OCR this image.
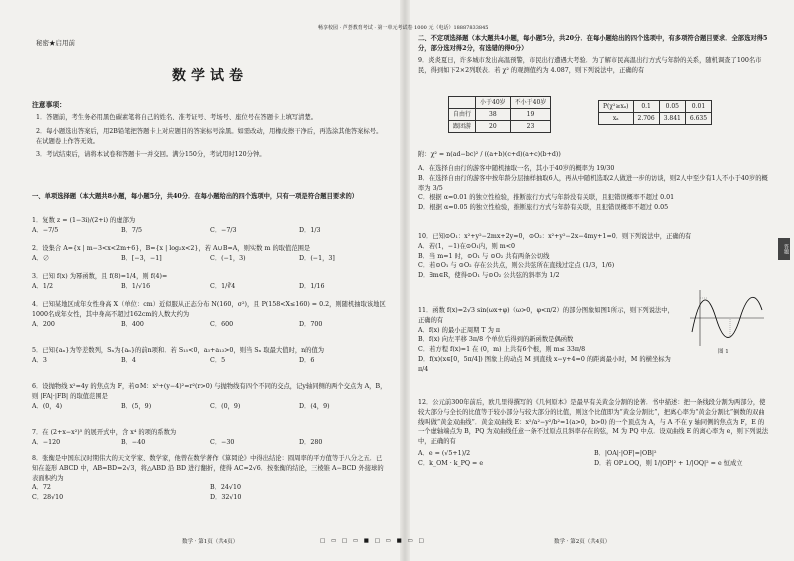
畅享校园 · 芦荟教育考试 · 第一单元考试卷 1000 元（电话）18887833845
秘密★启用前
数学试卷
注意事项：

1．答题前，考生务必用黑色碳素笔将自己的姓名、准考证号、考场号、座位号在答题卡上填写清楚。

2．每小题选出答案后，用2B铅笔把答题卡上对应题目的答案标号涂黑。如需改动，用橡皮擦干净后，再选涂其他答案标号。在试题卷上作答无效。

3．考试结束后，请将本试卷和答题卡一并交回。满分150分，考试用时120分钟。

一、单项选择题（本大题共8小题，每小题5分，共40分．在每小题给出的四个选项中，只有一项是符合题目要求的）
1．复数 z = (1−3i)/(2+i) 的虚部为
A．−7/5	B．7/5	C．−7/3	D．1/3
2．设集合 A={x | m−3<x<2m+6}，B={x | log₂x<2}，若 A∪B=A，则实数 m 的取值范围是
A．∅	B．[−3，−1]	C．(−1，3)	D．(−1，3]
3．已知 f(x) 为幂函数，且 f(8)=1/4，则 f(4)=
A．1/2	B．1/√16	C．1/∛4	D．1/16
4．已知某地区成年女性身高 X（单位：cm）近似服从正态分布 N(160，σ²)，且 P(158<X≤160) = 0.2，则随机抽取该地区1000名成年女性，其中身高不超过162cm的人数大约为
A．200	B．400	C．600	D．700
5．已知{aₙ}为等差数列，Sₙ为{aₙ}的前n项和．若 S₁₅<0，a₃+a₁₃>0，则当 Sₙ 取最大值时，n的值为
A．3	B．4	C．5	D．6
6．设抛物线 x²=4y 的焦点为 F，若⊙M：x²+(y−4)²=r²(r>0) 与抛物线有四个不同的交点，记y轴同侧的两个交点为 A，B，则 |FA|·|FB| 的取值范围是
A．(0，4)	B．(5，9)	C．(0，9)	D．(4，9)
7．在 (2+x−x²)⁵ 的展开式中，含 x⁴ 的项的系数为
A．−120	B．−40	C．−30	D．280
8．张衡是中国东汉时期伟大的天文学家、数学家，他曾在数学著作《算罔论》中得出结论：圆周率的平方值等于八分之五．已知在菱形 ABCD 中，AB=BD=2√3，将△ABD 沿 BD 进行翻折，使得 AC=2√6．按张衡的结论，三棱锥 A−BCD 外接球的表面积约为
A．72	B．24√10
C．28√10	D．32√10
数学 · 第1页（共4页）	□ ▭ □ ▭ ■ □ ▭ ■ ▭ □
二、不定项选择题（本大题共4小题，每小题5分，共20分．在每小题给出的四个选项中，有多项符合题目要求．全部选对得5分，部分选对得2分，有选错的得0分）
9．炎炎夏日，许多城市发出高温预警，市民出行遭遇大考验．为了解市民高温出行方式与年龄的关系，随机调查了100名市民，得到如下2×2列联表．若 χ² 的观测值约为 4.087，则下列说法中，正确的有
	小于40岁	不小于40岁
自由行	38	19
跟团游	20	23
P(χ²≥xₐ)	0.1	0.05	0.01
xₐ	2.706	3.841	6.635
附：χ² = n(ad−bc)² / ((a+b)(c+d)(a+c)(b+d))
A．在选择自由行的游客中随机抽取一名，其小于40岁的概率为 19/30
B．在选择自由行的游客中按年龄分层抽样抽取6人，再从中随机选取2人做进一步的访谈，则2人中至少有1人不小于40岁的概率为 3/5
C．根据 α=0.01 的独立性检验，推断旅行方式与年龄没有关联，且犯错误概率不超过 0.01
D．根据 α=0.05 的独立性检验，推断旅行方式与年龄有关联，且犯错误概率不超过 0.05
10．已知⊙O₁：x²+y²−2mx+2y=0，⊙O₂：x²+y²−2x−4my+1=0．则下列说法中，正确的有
A．若(1，−1)在⊙O₁内，则 m<0
B．当 m=1 时，⊙O₁ 与 ⊙O₂ 共有两条公切线
C．若⊙O₁ 与 ⊙O₂ 存在公共点，则公共弦所在直线过定点 (1/3，1/6)
D．∃m∈R，使得⊙O₁ 与⊙O₂ 公共弦的斜率为 1/2
11．函数 f(x)=2√3 sin(ωx+φ)（ω>0，φ<π/2）的部分图象如图1所示，则下列说法中，正确的有
A．f(x) 的最小正周期 T 为 π
B．f(x) 向左平移 3π/8 个单位后得到的新函数是偶函数
C．若方程 f(x)=1 在 (0，m) 上共有6个根，则 m≤ 33π/8
D．f(x)(x∈[0，5π/4]) 图象上的动点 M 到直线 x−y+4=0 的距离最小时，M 的横坐标为 π/4
图 1
12．公元前300年前后，欧几里得撰写的《几何原本》是最早有关黄金分割的论著．书中描述：把一条线段分割为两部分，使较大部分与全长的比值等于较小部分与较大部分的比值，则这个比值即为“黄金分割比”，把离心率为“黄金分割比”倒数的双曲线叫做“黄金双曲线”．黄金双曲线 E：x²/a²−y²/b²=1(a>0，b>0) 的一个顶点为 A，与 A 不在 y 轴同侧的焦点为 F，E 的一个虚轴端点为 B，PQ 为双曲线任意一条不过原点且斜率存在的弦，M 为 PQ 中点．设双曲线 E 的离心率为 e，则下列说法中，正确的有
A．e = (√5+1)/2	B．|OA|·|OF|=|OB|²
C．k_OM · k_PQ = e	D．若 OP⊥OQ，则 1/|OP|² + 1/|OQ|² = e 恒成立
数学 · 第2页（共4页）
答题
